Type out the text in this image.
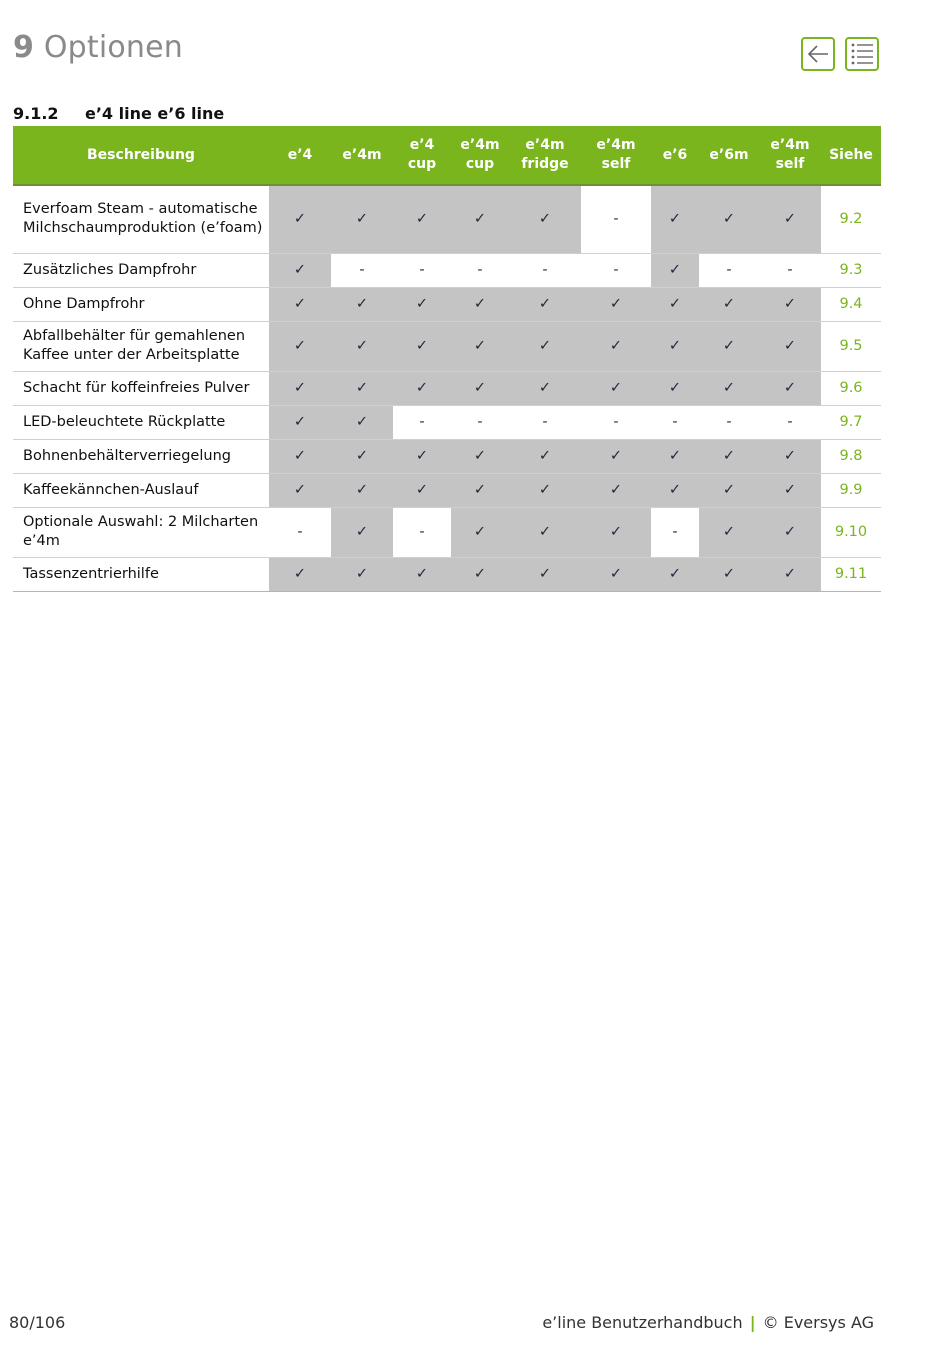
9 Optionen
9.1.2 e’4 line e’6 line
Beschreibung	e’4	e’4m	e’4 cup	e’4m cup	e’4m fridge	e’4m self	e’6	e’6m	e’4m self	Siehe
Everfoam Steam - automatische Milchschaumproduktion (e’foam)	✓	✓	✓	✓	✓	-	✓	✓	✓	9.2
Zusätzliches Dampfrohr	✓	-	-	-	-	-	✓	-	-	9.3
Ohne Dampfrohr	✓	✓	✓	✓	✓	✓	✓	✓	✓	9.4
Abfallbehälter für gemahlenen Kaffee unter der Arbeitsplatte	✓	✓	✓	✓	✓	✓	✓	✓	✓	9.5
Schacht für koffeinfreies Pulver	✓	✓	✓	✓	✓	✓	✓	✓	✓	9.6
LED-beleuchtete Rückplatte	✓	✓	-	-	-	-	-	-	-	9.7
Bohnenbehälterverriegelung	✓	✓	✓	✓	✓	✓	✓	✓	✓	9.8
Kaffeekännchen-Auslauf	✓	✓	✓	✓	✓	✓	✓	✓	✓	9.9
Optionale Auswahl: 2 Milcharten e’4m	-	✓	-	✓	✓	✓	-	✓	✓	9.10
Tassenzentrierhilfe	✓	✓	✓	✓	✓	✓	✓	✓	✓	9.11
80/106	e’line Benutzerhandbuch | © Eversys AG
